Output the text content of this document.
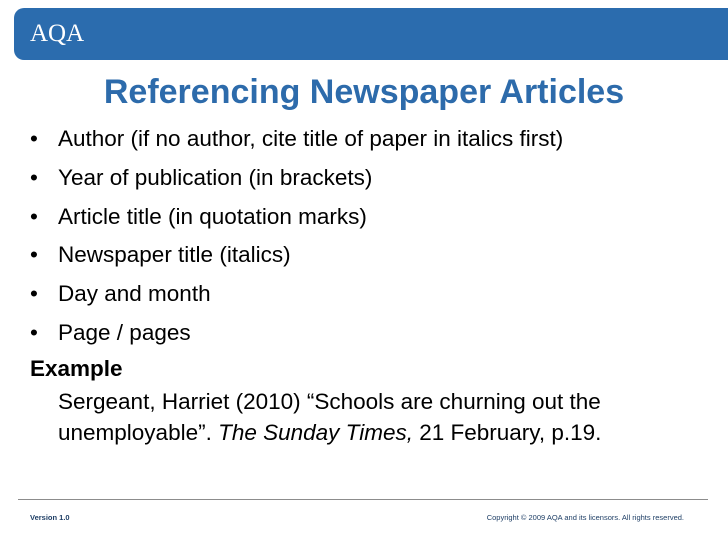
AQA
Referencing Newspaper Articles
• Author (if no author, cite title of paper in italics first)
• Year of publication (in brackets)
• Article title (in quotation marks)
• Newspaper title (italics)
• Day and month
• Page / pages
Example
Sergeant, Harriet (2010) “Schools are churning out the unemployable”. The Sunday Times, 21 February, p.19.
Version 1.0	Copyright © 2009 AQA and its licensors. All rights reserved.
